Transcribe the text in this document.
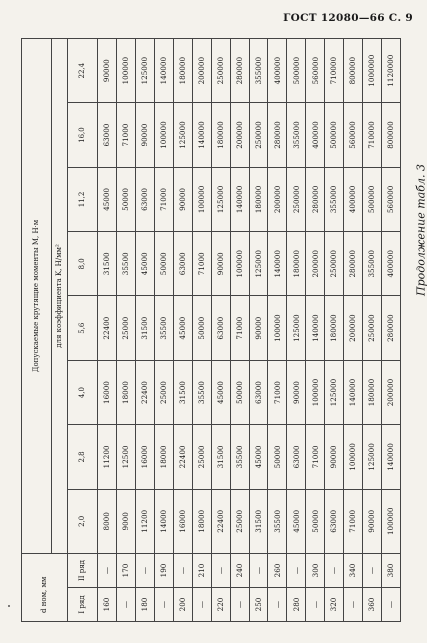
ГОСТ 12080—66 С. 9
Продолжение табл. 3
d ном, мм		Допускаемые крутящие моменты М, Н·м							
		для коэффициента K, Н/мм²							
I ряд	II ряд	2,0	2,8	4,0	5,6	8,0	11,2	16,0	22,4
160	—	8000	11200	16000	22400	31500	45000	63000	90000
—	170	9000	12500	18000	25000	35500	50000	71000	100000
180	—	11200	16000	22400	31500	45000	63000	90000	125000
—	190	14000	18000	25000	35500	50000	71000	100000	140000
200	—	16000	22400	31500	45000	63000	90000	125000	180000
—	210	18000	25000	35500	50000	71000	100000	140000	200000
220	—	22400	31500	45000	63000	90000	125000	180000	250000
—	240	25000	35500	50000	71000	100000	140000	200000	280000
250	—	31500	45000	63000	90000	125000	180000	250000	355000
—	260	35500	50000	71000	100000	140000	200000	280000	400000
280	—	45000	63000	90000	125000	180000	250000	355000	500000
—	300	50000	71000	100000	140000	200000	280000	400000	560000
320	—	63000	90000	125000	180000	250000	355000	500000	710000
—	340	71000	100000	140000	200000	280000	400000	560000	800000
360	—	90000	125000	180000	250000	355000	500000	710000	1000000
—	380	100000	140000	200000	280000	400000	560000	800000	1120000
